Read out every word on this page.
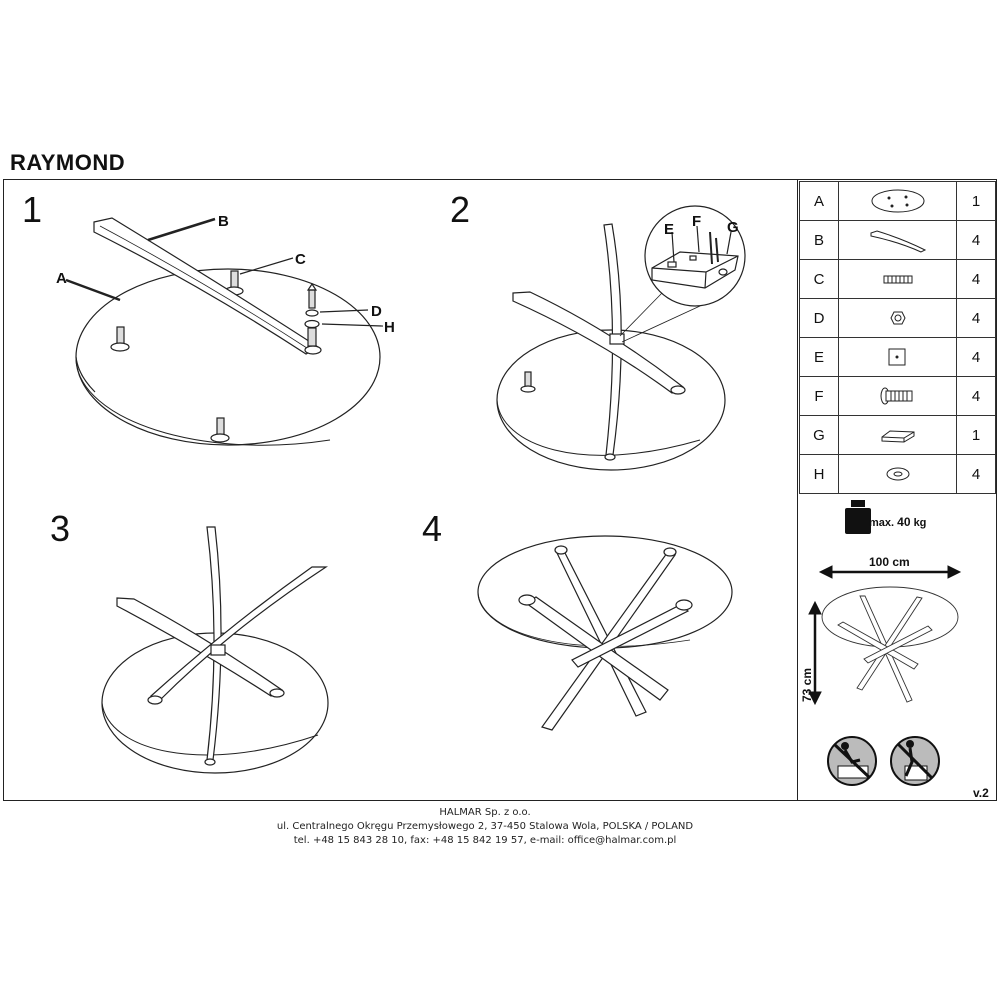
RAYMOND
1	2
3	4
A
B
C
D
H
E F G
A		1
B		4
C		4
D		4
E		4
F		4
G		1
H		4
max. 40 kg
100 cm
73 cm
v.2
HALMAR Sp. z o.o.
ul. Centralnego Okręgu Przemysłowego 2, 37-450 Stalowa Wola, POLSKA / POLAND
tel. +48 15 843 28 10, fax: +48 15 842 19 57, e-mail: office@halmar.com.pl
